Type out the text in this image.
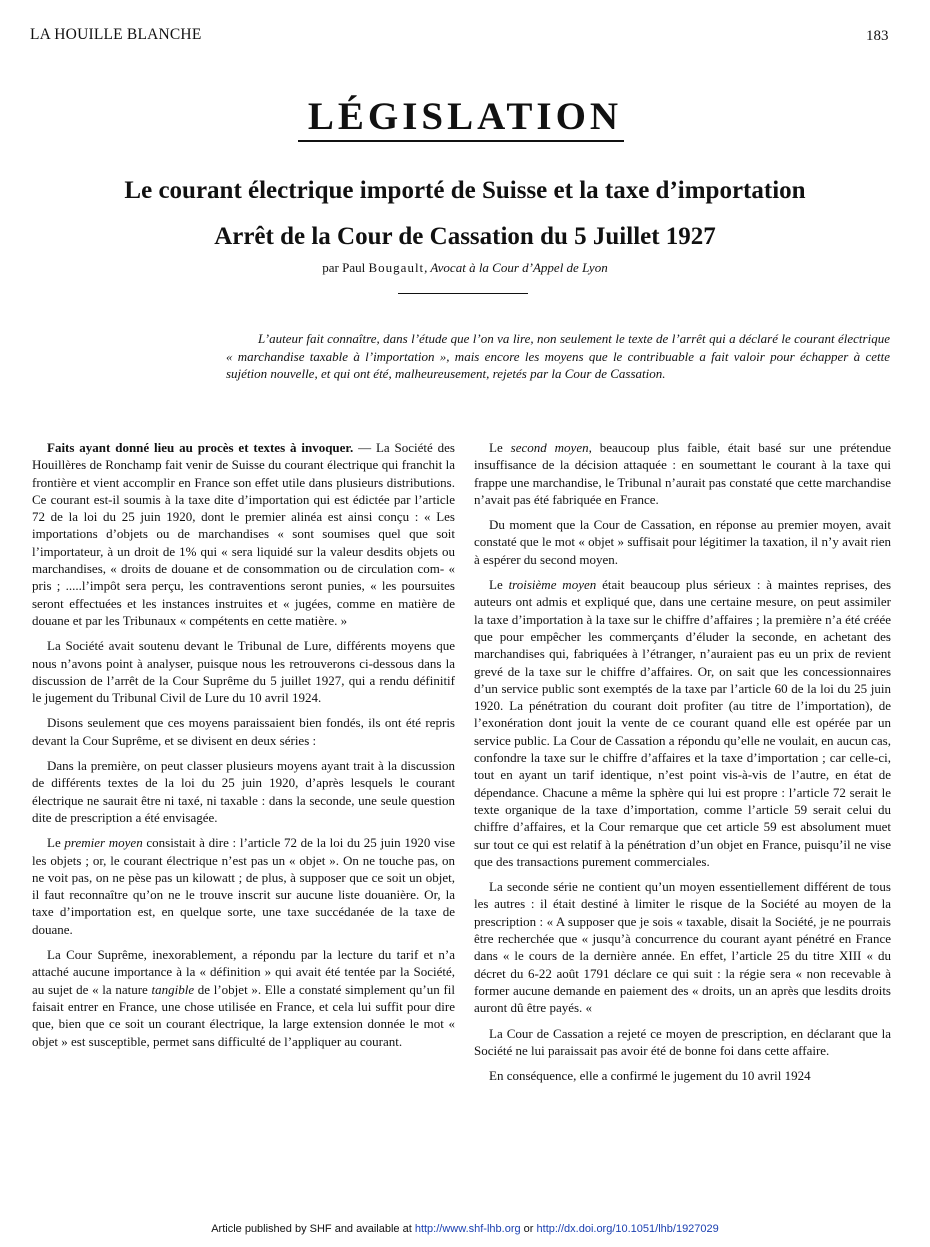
LA HOUILLE BLANCHE	183
LÉGISLATION
Le courant électrique importé de Suisse et la taxe d’importation
Arrêt de la Cour de Cassation du 5 Juillet 1927
par Paul Bougault, Avocat à la Cour d’Appel de Lyon

L’auteur fait connaître, dans l’étude que l’on va lire, non seulement le texte de l’arrêt qui a déclaré le courant électrique « marchandise taxable à l’importation », mais encore les moyens que le contribuable a fait valoir pour échapper à cette sujétion nouvelle, et qui ont été, malheureusement, rejetés par la Cour de Cassation.

Faits ayant donné lieu au procès et textes à invoquer. — La Société des Houillères de Ronchamp fait venir de Suisse du courant électrique qui franchit la frontière et vient accomplir en France son effet utile dans plusieurs distributions. Ce courant est-il soumis à la taxe dite d’importation qui est édictée par l’article 72 de la loi du 25 juin 1920, dont le premier alinéa est ainsi conçu : « Les importations d’objets ou de marchandises « sont soumises quel que soit l’importateur, à un droit de 1% qui « sera liquidé sur la valeur desdits objets ou marchandises, « droits de douane et de consommation ou de circulation com- « pris ; .....l’impôt sera perçu, les contraventions seront punies, « les poursuites seront effectuées et les instances instruites et « jugées, comme en matière de douane et par les Tribunaux « compétents en cette matière. »

La Société avait soutenu devant le Tribunal de Lure, différents moyens que nous n’avons point à analyser, puisque nous les retrouverons ci-dessous dans la discussion de l’arrêt de la Cour Suprême du 5 juillet 1927, qui a rendu définitif le jugement du Tribunal Civil de Lure du 10 avril 1924.

Disons seulement que ces moyens paraissaient bien fondés, ils ont été repris devant la Cour Suprême, et se divisent en deux séries :

Dans la première, on peut classer plusieurs moyens ayant trait à la discussion de différents textes de la loi du 25 juin 1920, d’après lesquels le courant électrique ne saurait être ni taxé, ni taxable : dans la seconde, une seule question dite de prescription a été envisagée.

Le premier moyen consistait à dire : l’article 72 de la loi du 25 juin 1920 vise les objets ; or, le courant électrique n’est pas un « objet ». On ne touche pas, on ne voit pas, on ne pèse pas un kilowatt ; de plus, à supposer que ce soit un objet, il faut reconnaître qu’on ne le trouve inscrit sur aucune liste douanière. Or, la taxe d’importation est, en quelque sorte, une taxe succédanée de la taxe de douane.

La Cour Suprême, inexorablement, a répondu par la lecture du tarif et n’a attaché aucune importance à la « définition » qui avait été tentée par la Société, au sujet de « la nature tangible de l’objet ». Elle a constaté simplement qu’un fil faisait entrer en France, une chose utilisée en France, et cela lui suffit pour dire que, bien que ce soit un courant électrique, la large extension donnée le mot « objet » est susceptible, permet sans difficulté de l’appliquer au courant.

Le second moyen, beaucoup plus faible, était basé sur une prétendue insuffisance de la décision attaquée : en soumettant le courant à la taxe qui frappe une marchandise, le Tribunal n’aurait pas constaté que cette marchandise n’avait pas été fabriquée en France.

Du moment que la Cour de Cassation, en réponse au premier moyen, avait constaté que le mot « objet » suffisait pour légitimer la taxation, il n’y avait rien à espérer du second moyen.

Le troisième moyen était beaucoup plus sérieux : à maintes reprises, des auteurs ont admis et expliqué que, dans une certaine mesure, on peut assimiler la taxe d’importation à la taxe sur le chiffre d’affaires ; la première n’a été créée que pour empêcher les commerçants d’éluder la seconde, en achetant des marchandises qui, fabriquées à l’étranger, n’auraient pas eu un prix de revient grevé de la taxe sur le chiffre d’affaires. Or, on sait que les concessionnaires d’un service public sont exemptés de la taxe par l’article 60 de la loi du 25 juin 1920. La pénétration du courant doit profiter (au titre de l’importation), de l’exonération dont jouit la vente de ce courant quand elle est opérée par un service public. La Cour de Cassation a répondu qu’elle ne voulait, en aucun cas, confondre la taxe sur le chiffre d’affaires et la taxe d’importation ; car celle-ci, tout en ayant un tarif identique, n’est point vis-à-vis de l’autre, en état de dépendance. Chacune a même la sphère qui lui est propre : l’article 72 serait le texte organique de la taxe d’importation, comme l’article 59 serait celui du chiffre d’affaires, et la Cour remarque que cet article 59 est absolument muet sur tout ce qui est relatif à la pénétration d’un objet en France, puisqu’il ne vise que des transactions purement commerciales.

La seconde série ne contient qu’un moyen essentiellement différent de tous les autres : il était destiné à limiter le risque de la Société au moyen de la prescription : « A supposer que je sois « taxable, disait la Société, je ne pourrais être recherchée que « jusqu’à concurrence du courant ayant pénétré en France dans « le cours de la dernière année. En effet, l’article 25 du titre XIII « du décret du 6-22 août 1791 déclare ce qui suit : la régie sera « non recevable à former aucune demande en paiement des « droits, un an après que lesdits droits auront dû être payés. «

La Cour de Cassation a rejeté ce moyen de prescription, en déclarant que la Société ne lui paraissait pas avoir été de bonne foi dans cette affaire.

En conséquence, elle a confirmé le jugement du 10 avril 1924

Article published by SHF and available at http://www.shf-lhb.org or http://dx.doi.org/10.1051/lhb/1927029
